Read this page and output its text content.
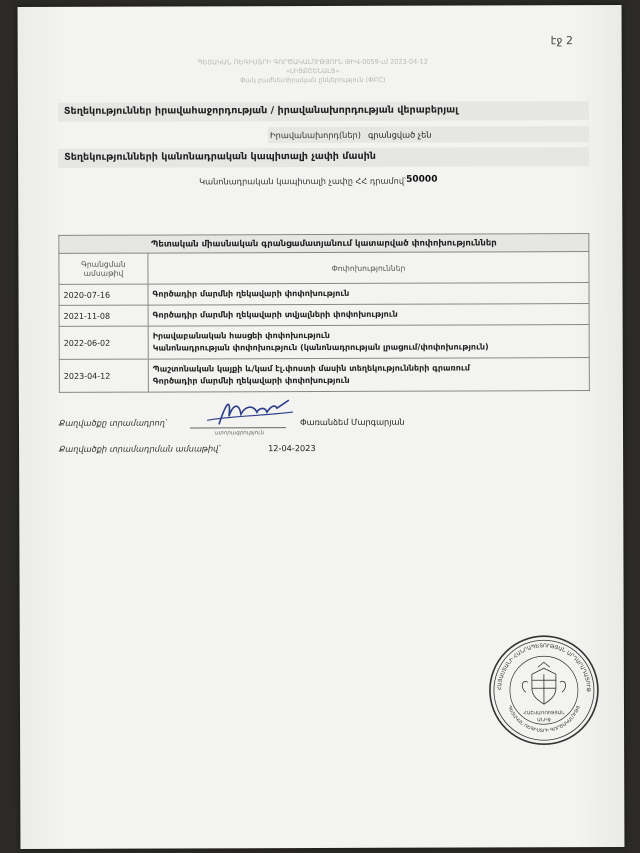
էջ 2
ՊԵՏԱԿԱՆ ՌԵԳԻՍՏՐԻ ԳՈՐԾԱԿԱԼՈՒԹՅՈՒՆ ԹԻՎ-0059-ւմ 2023-04-12
«ԼԻՑՔՇԵՆԱԼՑ»
Փակ բաժնետիրական ընկերություն (ՓԲԸ)
Տեղեկություններ իրավահաջորդության / իրավանախորդության վերաբերյալ
Իրավանախորդ(ներ) գրանցված չեն
Տեղեկությունների կանոնադրական կապիտալի չափի մասին
Կանոնադրական կապիտալի չափը ՀՀ դրամով՝ 50000
Պետական միասնական գրանցամատյանում կատարված փոփոխություններ	
Գրանցման ամսաթիվ	Փոփոխություններ
2020-07-16	Գործադիր մարմնի ղեկավարի փոփոխություն
2021-11-08	Գործադիր մարմնի ղեկավարի տվյալների փոփոխություն
2022-06-02	Իրավաբանական հասցեի փոփոխություն
Կանոնադրության փոփոխություն (կանոնադրության լրացում/փոփոխություն)

2023-04-12	Պաշտոնական կայքի և/կամ էլ.փոստի մասին տեղեկությունների գրառում
Գործադիր մարմնի ղեկավարի փոփոխություն
Քաղվածքը տրամադրող՝
ստորագրություն
Փառանձեմ Մարգարյան
Քաղվածքի տրամադրման ամսաթիվ՝	12-04-2023
ՀԱՅԱՍՏԱՆԻ ՀԱՆՐԱՊԵՏՈՒԹՅԱՆ ԱՐԴԱՐԱԴԱՏՈՒԹՅԱՆ
ՊԵՏԱԿԱՆ ՌԵԳԻՍՏՐԻ ԳՈՐԾԱԿԱԼՈՒԹՅՈՒՆ
ՀԱՇՎԱՌՈՒԹՅԱՆ
ԱՆԻՋ
